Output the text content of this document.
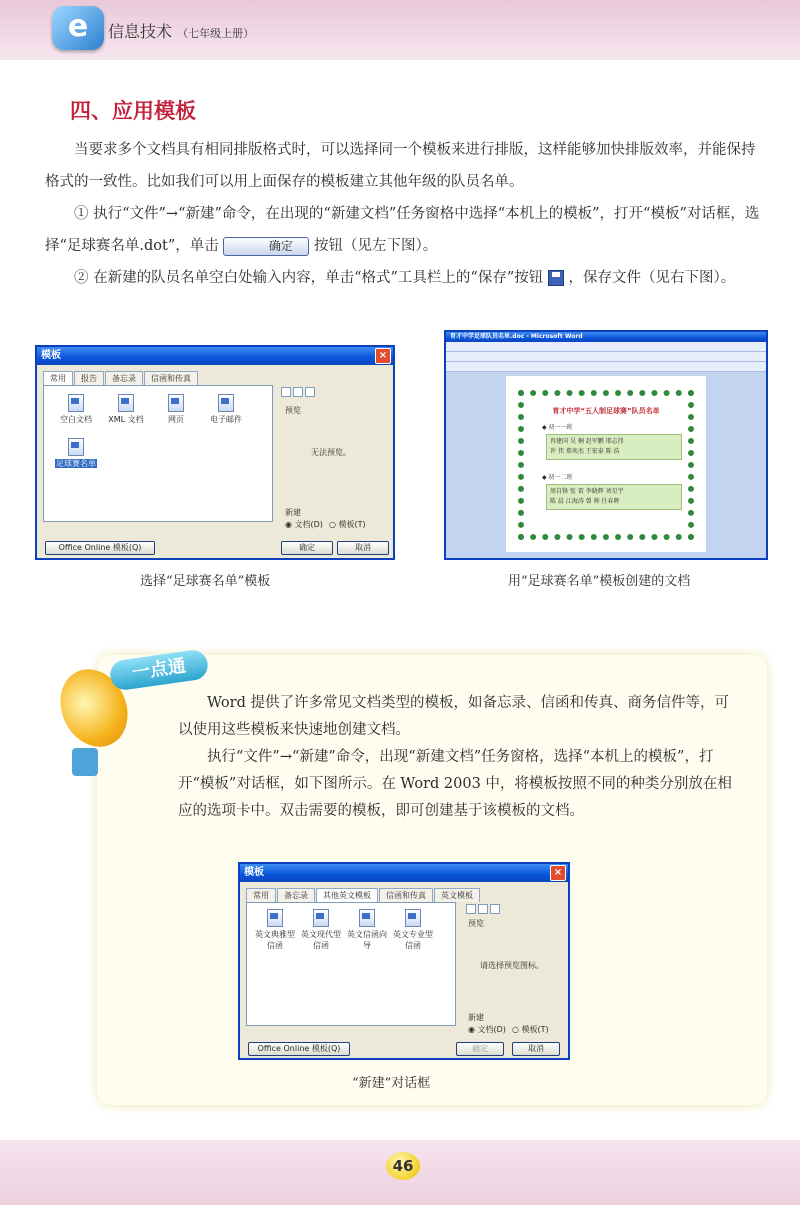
e	信息技术 （七年级上册）
四、应用模板
当要求多个文档具有相同排版格式时，可以选择同一个模板来进行排版，这样能够加快排版效率，并能保持格式的一致性。比如我们可以用上面保存的模板建立其他年级的队员名单。
① 执行“文件”→“新建”命令，在出现的“新建文档”任务窗格中选择“本机上的模板”，打开“模板”对话框，选择“足球赛名单.dot”，单击	确定 按钮（见左下图）。
② 在新建的队员名单空白处输入内容，单击“格式”工具栏上的“保存”按钮 ，保存文件（见右下图）。
模板	×
常用	报告	备忘录	信函和传真
空白文档	XML 文档	网页	电子邮件
足球赛名单
预览
无法预览。
新建
◉ 文档(D) ○ 模板(T)
Office Online 模板(Q)	确定	取消
选择“足球赛名单”模板
育才中学足球队员名单.doc - Microsoft Word
育才中学“五人制足球赛”队员名单
◆ 初一一班
冉建国 吴 桐 赵军鹏 邢志伟
许 伟 郑奕杰 王宏泰 陈 浩
◆ 初一二班
周自锋 张 雷 李晓辉 刘星宇
陈 晨 江海涛 曾 帅 任春晖
用“足球赛名单”模板创建的文档
一点通
Word 提供了许多常见文档类型的模板，如备忘录、信函和传真、商务信件等，可以使用这些模板来快速地创建文档。
执行“文件”→“新建”命令，出现“新建文档”任务窗格，选择“本机上的模板”，打开“模板”对话框，如下图所示。在 Word 2003 中，将模板按照不同的种类分别放在相应的选项卡中。双击需要的模板，即可创建基于该模板的文档。
模板	×
常用	备忘录	其他英文模板	信函和传真	英文模板
英文典雅型信函
英文现代型信函
英文信函向导
英文专业型信函
预览
请选择预览图标。
新建
◉ 文档(D) ○ 模板(T)
Office Online 模板(Q)	确定	取消
“新建”对话框
46
